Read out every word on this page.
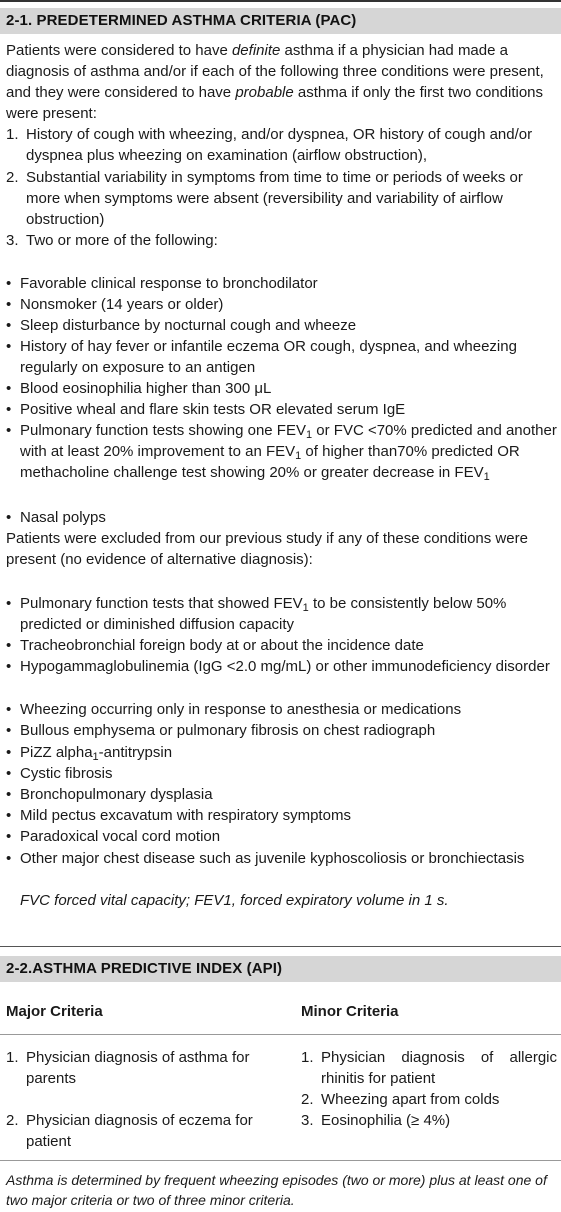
2-1. PREDETERMINED ASTHMA CRITERIA (PAC)
Patients were considered to have definite asthma if a physician had made a diagnosis of asthma and/or if each of the following three conditions were present, and they were considered to have probable asthma if only the first two conditions were present:
1. History of cough with wheezing, and/or dyspnea, OR history of cough and/or dyspnea plus wheezing on examination (airflow obstruction),
2. Substantial variability in symptoms from time to time or periods of weeks or more when symptoms were absent (reversibility and variability of airflow obstruction)
3. Two or more of the following:
• Favorable clinical response to bronchodilator
• Nonsmoker (14 years or older)
• Sleep disturbance by nocturnal cough and wheeze
• History of hay fever or infantile eczema OR cough, dyspnea, and wheezing regularly on exposure to an antigen
• Blood eosinophilia higher than 300 μL
• Positive wheal and flare skin tests OR elevated serum IgE
• Pulmonary function tests showing one $FEV_1$ or FVC <70% predicted and another with at least 20% improvement to an $FEV_1$ of higher than70% predicted OR methacholine challenge test showing 20% or greater decrease in $FEV_1$
• Nasal polyps
Patients were excluded from our previous study if any of these conditions were present (no evidence of alternative diagnosis):
• Pulmonary function tests that showed $FEV_1$ to be consistently below 50% predicted or diminished diffusion capacity
• Tracheobronchial foreign body at or about the incidence date
• Hypogammaglobulinemia (IgG <2.0 mg/mL) or other immunodeficiency disorder
• Wheezing occurring only in response to anesthesia or medications
• Bullous emphysema or pulmonary fibrosis on chest radiograph
• PiZZ alpha$_1$-antitrypsin
• Cystic fibrosis
• Bronchopulmonary dysplasia
• Mild pectus excavatum with respiratory symptoms
• Paradoxical vocal cord motion
• Other major chest disease such as juvenile kyphoscoliosis or bronchiectasis
FVC forced vital capacity; FEV1, forced expiratory volume in 1 s.
2-2.ASTHMA PREDICTIVE INDEX (API)
Major Criteria	Minor Criteria
1. Physician diagnosis of asthma for parents
2. Physician diagnosis of eczema for patient
1. Physician diagnosis of allergic rhinitis for patient
2. Wheezing apart from colds
3. Eosinophilia (≥ 4%)
Asthma is determined by frequent wheezing episodes (two or more) plus at least one of two major criteria or two of three minor criteria.
